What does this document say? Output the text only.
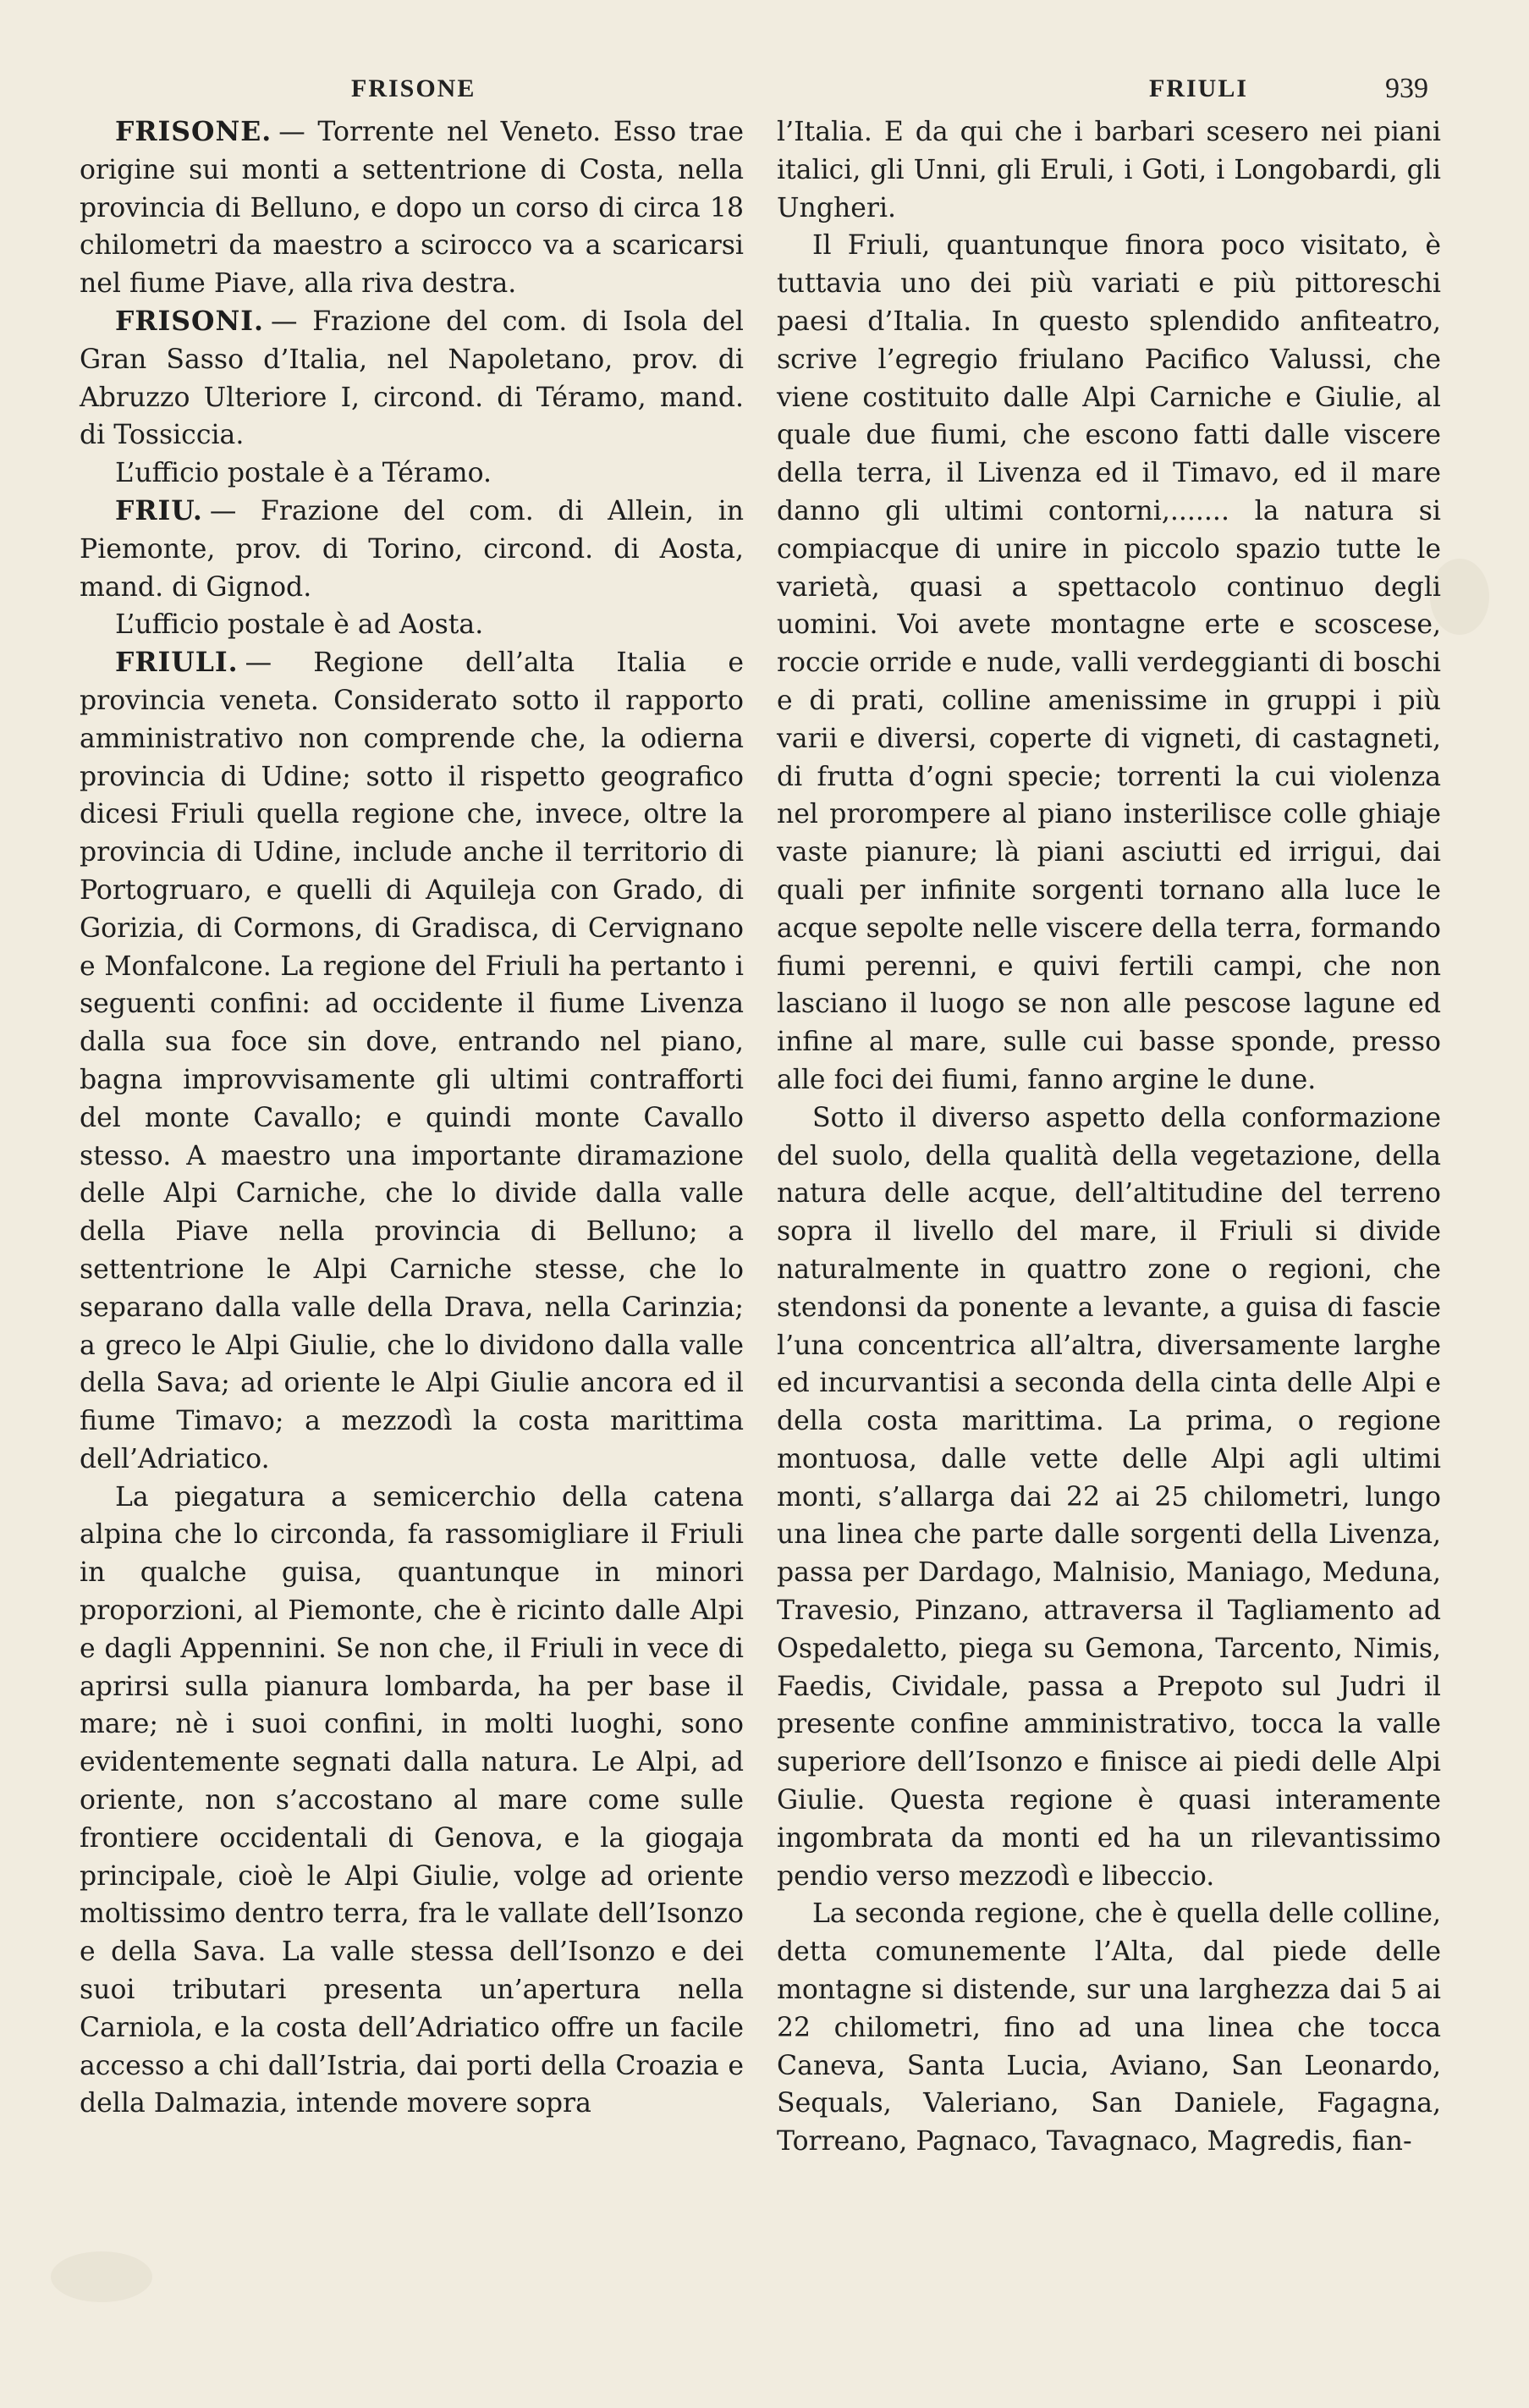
FRISONE	FRIULI	939

FRISONE. — Torrente nel Veneto. Esso trae origine sui monti a settentrione di Costa, nella provincia di Belluno, e dopo un corso di circa 18 chilometri da maestro a scirocco va a scaricarsi nel fiume Piave, alla riva destra.

FRISONI. — Frazione del com. di Isola del Gran Sasso d’Italia, nel Napoletano, prov. di Abruzzo Ulteriore I, circond. di Téramo, mand. di Tossiccia.

L’ufficio postale è a Téramo.

FRIU. — Frazione del com. di Allein, in Piemonte, prov. di Torino, circond. di Aosta, mand. di Gignod.

L’ufficio postale è ad Aosta.

FRIULI. — Regione dell’alta Italia e provincia veneta. Considerato sotto il rapporto amministrativo non comprende che, la odierna provincia di Udine; sotto il rispetto geografico dicesi Friuli quella regione che, invece, oltre la provincia di Udine, include anche il territorio di Portogruaro, e quelli di Aquileja con Grado, di Gorizia, di Cormons, di Gradisca, di Cervignano e Monfalcone. La regione del Friuli ha pertanto i seguenti confini: ad occidente il fiume Livenza dalla sua foce sin dove, entrando nel piano, bagna improvvisamente gli ultimi contrafforti del monte Cavallo; e quindi monte Cavallo stesso. A maestro una importante diramazione delle Alpi Carniche, che lo divide dalla valle della Piave nella provincia di Belluno; a settentrione le Alpi Carniche stesse, che lo separano dalla valle della Drava, nella Carinzia; a greco le Alpi Giulie, che lo dividono dalla valle della Sava; ad oriente le Alpi Giulie ancora ed il fiume Timavo; a mezzodì la costa marittima dell’Adriatico.

La piegatura a semicerchio della catena alpina che lo circonda, fa rassomigliare il Friuli in qualche guisa, quantunque in minori proporzioni, al Piemonte, che è ricinto dalle Alpi e dagli Appennini. Se non che, il Friuli in vece di aprirsi sulla pianura lombarda, ha per base il mare; nè i suoi confini, in molti luoghi, sono evidentemente segnati dalla natura. Le Alpi, ad oriente, non s’accostano al mare come sulle frontiere occidentali di Genova, e la giogaja principale, cioè le Alpi Giulie, volge ad oriente moltissimo dentro terra, fra le vallate dell’Isonzo e della Sava. La valle stessa dell’Isonzo e dei suoi tributari presenta un’apertura nella Carniola, e la costa dell’Adriatico offre un facile accesso a chi dall’Istria, dai porti della Croazia e della Dalmazia, intende movere sopra

l’Italia. E da qui che i barbari scesero nei piani italici, gli Unni, gli Eruli, i Goti, i Longobardi, gli Ungheri.

Il Friuli, quantunque finora poco visitato, è tuttavia uno dei più variati e più pittoreschi paesi d’Italia. In questo splendido anfiteatro, scrive l’egregio friulano Pacifico Valussi, che viene costituito dalle Alpi Carniche e Giulie, al quale due fiumi, che escono fatti dalle viscere della terra, il Livenza ed il Timavo, ed il mare danno gli ultimi contorni,....... la natura si compiacque di unire in piccolo spazio tutte le varietà, quasi a spettacolo continuo degli uomini. Voi avete montagne erte e scoscese, roccie orride e nude, valli verdeggianti di boschi e di prati, colline amenissime in gruppi i più varii e diversi, coperte di vigneti, di castagneti, di frutta d’ogni specie; torrenti la cui violenza nel prorompere al piano insterilisce colle ghiaje vaste pianure; là piani asciutti ed irrigui, dai quali per infinite sorgenti tornano alla luce le acque sepolte nelle viscere della terra, formando fiumi perenni, e quivi fertili campi, che non lasciano il luogo se non alle pescose lagune ed infine al mare, sulle cui basse sponde, presso alle foci dei fiumi, fanno argine le dune.

Sotto il diverso aspetto della conformazione del suolo, della qualità della vegetazione, della natura delle acque, dell’altitudine del terreno sopra il livello del mare, il Friuli si divide naturalmente in quattro zone o regioni, che stendonsi da ponente a levante, a guisa di fascie l’una concentrica all’altra, diversamente larghe ed incurvantisi a seconda della cinta delle Alpi e della costa marittima. La prima, o regione montuosa, dalle vette delle Alpi agli ultimi monti, s’allarga dai 22 ai 25 chilometri, lungo una linea che parte dalle sorgenti della Livenza, passa per Dardago, Malnisio, Maniago, Meduna, Travesio, Pinzano, attraversa il Tagliamento ad Ospedaletto, piega su Gemona, Tarcento, Nimis, Faedis, Cividale, passa a Prepoto sul Judri il presente confine amministrativo, tocca la valle superiore dell’Isonzo e finisce ai piedi delle Alpi Giulie. Questa regione è quasi interamente ingombrata da monti ed ha un rilevantissimo pendio verso mezzodì e libeccio.

La seconda regione, che è quella delle colline, detta comunemente l’Alta, dal piede delle montagne si distende, sur una larghezza dai 5 ai 22 chilometri, fino ad una linea che tocca Caneva, Santa Lucia, Aviano, San Leonardo, Sequals, Valeriano, San Daniele, Fagagna, Torreano, Pagnaco, Tavagnaco, Magredis, fian-
